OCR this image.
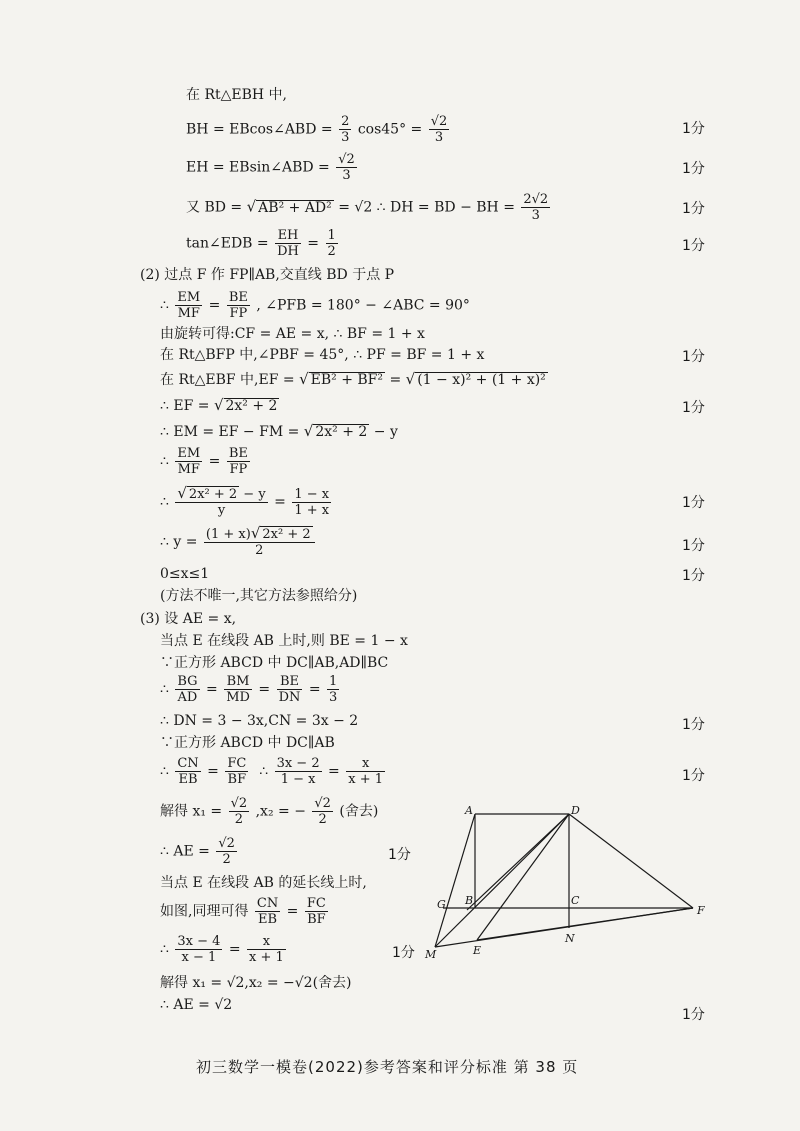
在 Rt△EBH 中,
BH = EBcos∠ABD = $\frac{2}{3} \cos 45^\circ = \frac{√2}{3}$	1分
EH = EBsin∠ABD = $\frac{√2}{3}$	1分
又 BD = √ AB² + AD² = √2 ∴ DH = BD − BH = $\frac{2√2}{3}$	1分
tan∠EDB = $\frac{EH}{DH} = \frac{1}{2}$	1分
(2) 过点 F 作 FP∥AB,交直线 BD 于点 P
∴ $\frac{EM}{MF} = \frac{BE}{FP}$ , ∠PFB = 180° − ∠ABC = 90°
由旋转可得:CF = AE = x, ∴ BF = 1 + x
在 Rt△BFP 中,∠PBF = 45°, ∴ PF = BF = 1 + x	1分
在 Rt△EBF 中,EF = √ EB² + BF² = √ (1 − x)² + (1 + x)²
∴ EF = √ 2x² + 2	1分
∴ EM = EF − FM = √ 2x² + 2 − y
∴ $\frac{EM}{MF} = \frac{BE}{FP}$
∴ $\frac{\text{√ 2x² + 2 − y}}{y} = \frac{1 - x}{1 + x}$	1分
∴ $y = \frac{\text{(1 + x)√ 2x² + 2}}{2}$	1分
0≤x≤1	1分
(方法不唯一,其它方法参照给分)
(3) 设 AE = x,
当点 E 在线段 AB 上时,则 BE = 1 − x
∵正方形 ABCD 中 DC∥AB,AD∥BC
∴ $\frac{BG}{AD} = \frac{BM}{MD} = \frac{BE}{DN} = \frac{1}{3}$
∴ DN = 3 − 3x,CN = 3x − 2	1分
∵正方形 ABCD 中 DC∥AB
∴ $\frac{CN}{EB} = \frac{FC}{BF}$ ∴ $\frac{3x - 2}{1 - x} = \frac{x}{x + 1}$	1分
解得 $x_1 = \frac{√2}{2} ,x_2$ = − $\frac{√2}{2}$ (舍去)
∴ AE = $\frac{√2}{2}$	1分
当点 E 在线段 AB 的延长线上时,
如图,同理可得 $\frac{CN}{EB} = \frac{FC}{BF}$
∴ $\frac{3x - 4}{x - 1} = \frac{x}{x + 1}$	1分
解得 x₁ = √2,x₂ = −√2(舍去)
∴ AE = √2
1分
A	D
G B	C
F
M	E
N
初三数学一模卷(2022)参考答案和评分标准 第 38 页
